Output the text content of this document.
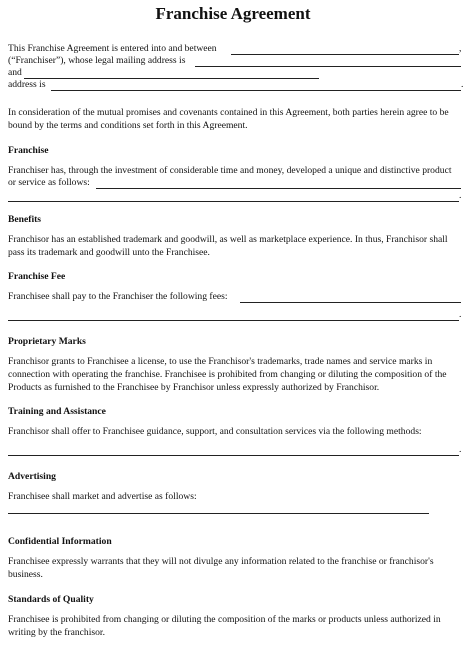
Franchise Agreement
This Franchise Agreement is entered into and between	,
(“Franchiser”), whose legal mailing address is
and
address is	.
In consideration of the mutual promises and covenants contained in this Agreement, both parties herein agree to be bound by the terms and conditions set forth in this Agreement.
Franchise
Franchiser has, through the investment of considerable time and money, developed a unique and distinctive product
or service as follows:
.
Benefits
Franchisor has an established trademark and goodwill, as well as marketplace experience. In thus, Franchisor shall pass its trademark and goodwill unto the Franchisee.
Franchise Fee
Franchisee shall pay to the Franchiser the following fees:
.
Proprietary Marks
Franchisor grants to Franchisee a license, to use the Franchisor's trademarks, trade names and service marks in connection with operating the franchise. Franchisee is prohibited from changing or diluting the composition of the Products as furnished to the Franchisee by Franchisor unless expressly authorized by Franchisor.
Training and Assistance
Franchisor shall offer to Franchisee guidance, support, and consultation services via the following methods:
.
Advertising
Franchisee shall market and advertise as follows:
Confidential Information
Franchisee expressly warrants that they will not divulge any information related to the franchise or franchisor's business.
Standards of Quality
Franchisee is prohibited from changing or diluting the composition of the marks or products unless authorized in writing by the franchisor.
